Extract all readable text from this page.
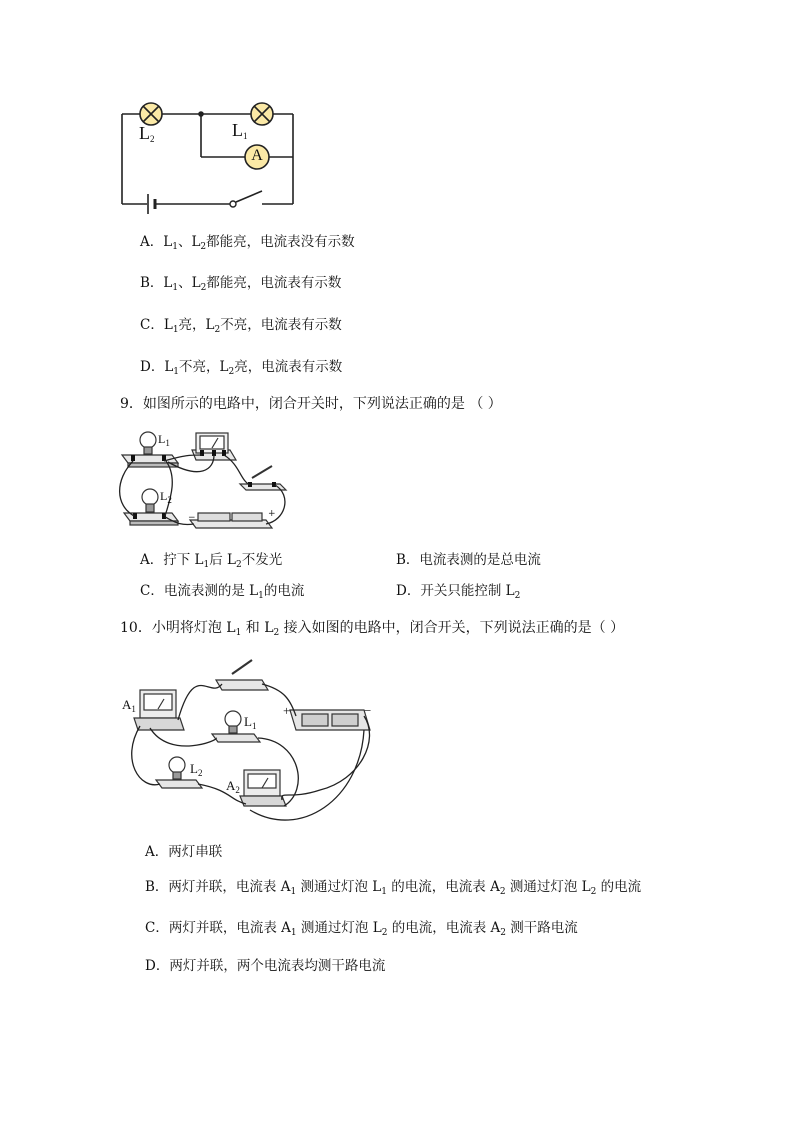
$L_2$	$L_1$
A
A．$L_1$、$L_2$都能亮，电流表没有示数
B．$L_1$、$L_2$都能亮，电流表有示数
C．$L_1$亮，$L_2$不亮，电流表有示数
D．$L_1$不亮，$L_2$亮，电流表有示数
9．如图所示的电路中，闭合开关时，下列说法正确的是 （ ）
−	+
$L_1$
$L_2$
A．拧下 $L_1$后 $L_2$不发光	B．电流表测的是总电流
C．电流表测的是 $L_1$的电流	D．开关只能控制 $L_2$
10．小明将灯泡 $L_1$ 和 $L_2$ 接入如图的电路中，闭合开关，下列说法正确的是（ ）
$A_1$
$L_1$
$L_2$
$A_2$
+	−
A．两灯串联
B．两灯并联，电流表 $A_1$ 测通过灯泡 $L_1$ 的电流，电流表 $A_2$ 测通过灯泡 $L_2$ 的电流
C．两灯并联，电流表 $A_1$ 测通过灯泡 $L_2$ 的电流，电流表 $A_2$ 测干路电流
D．两灯并联，两个电流表均测干路电流
